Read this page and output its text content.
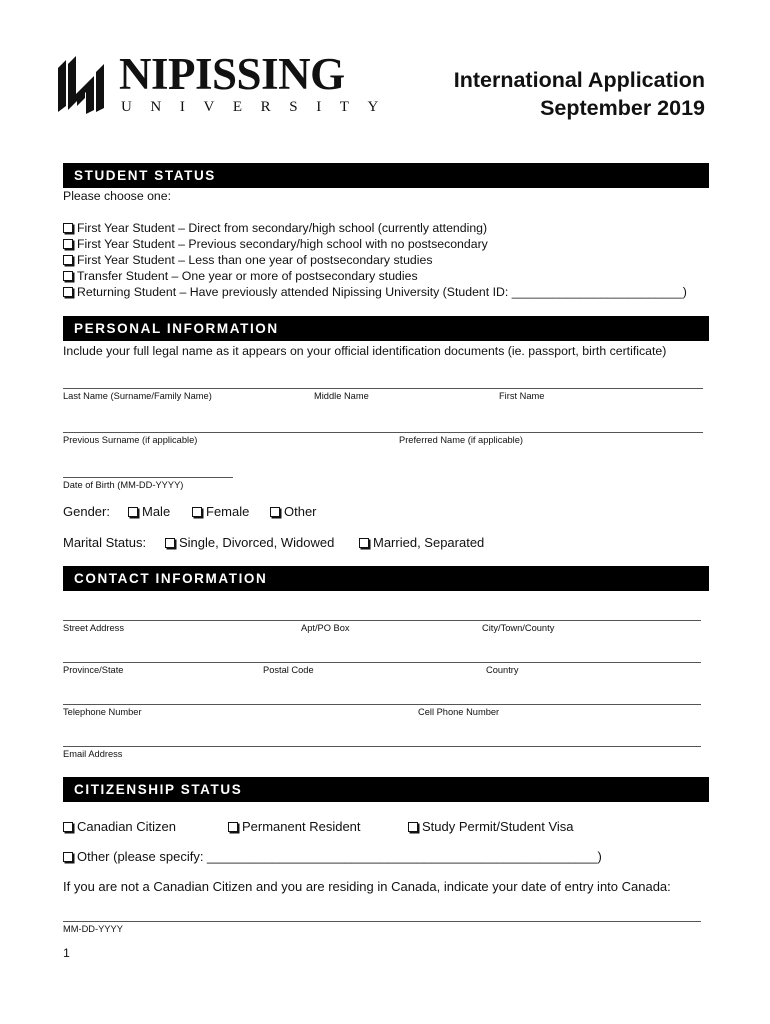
NIPISSING
UNIVERSITY
International Application
September 2019
STUDENT STATUS
Please choose one:
First Year Student – Direct from secondary/high school (currently attending)
First Year Student – Previous secondary/high school with no postsecondary
First Year Student – Less than one year of postsecondary studies
Transfer Student – One year or more of postsecondary studies
Returning Student – Have previously attended Nipissing University (Student ID: _________________________)
PERSONAL INFORMATION
Include your full legal name as it appears on your official identification documents (ie. passport, birth certificate)
Last Name (Surname/Family Name)	Middle Name	First Name
Previous Surname (if applicable)	Preferred Name (if applicable)
Date of Birth (MM-DD-YYYY)
Gender:	Male	Female	Other
Marital Status:	Single, Divorced, Widowed	Married, Separated
CONTACT INFORMATION
Street Address	Apt/PO Box	City/Town/County
Province/State	Postal Code	Country
Telephone Number	Cell Phone Number
Email Address
CITIZENSHIP STATUS
Canadian Citizen	Permanent Resident	Study Permit/Student Visa
Other (please specify: ______________________________________________________)
If you are not a Canadian Citizen and you are residing in Canada, indicate your date of entry into Canada:
MM-DD-YYYY
1
